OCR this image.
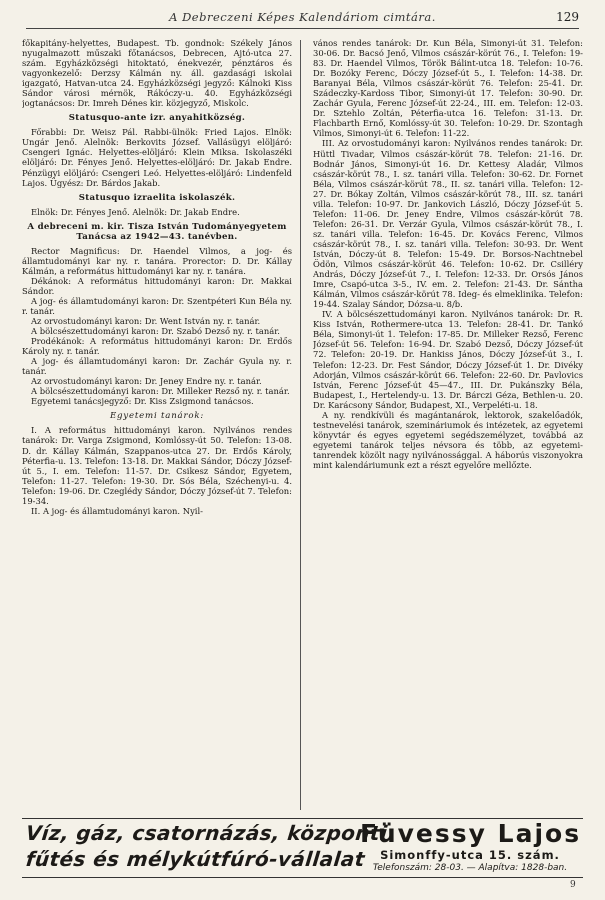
A Debreczeni Képes Kalendáriom cimtára.	129

főkapitány-helyettes, Budapest. Tb. gondnok: Székely János nyugalmazott műszaki főtanácsos, Debrecen, Ajtó-utca 27. szám. Egyházközségi hitoktató, énekvezér, pénztáros és vagyonkezelő: Derzsy Kálmán ny. áll. gazdasági iskolai igazgató, Hatvan-utca 24. Egyházközségi jegyző: Kálnoki Kiss Sándor városi mérnök, Rákóczy-u. 40. Egyházközségi jogtanácsos: Dr. Imreh Dénes kir. közjegyző, Miskolc.

Statusquo-ante izr. anyahitközség.

Főrabbi: Dr. Weisz Pál. Rabbi-ülnök: Fried Lajos. Elnök: Ungár Jenő. Alelnök: Berkovits József. Vallásügyi elöljáró: Csengeri Ignác. Helyettes-elöljáró: Klein Miksa. Iskolaszéki elöljáró: Dr. Fényes Jenő. Helyettes-elöljáró: Dr. Jakab Endre. Pénzügyi elöljáró: Csengeri Leó. Helyettes-elöljáró: Lindenfeld Lajos. Ügyész: Dr. Bárdos Jakab.

Statusquo izraelita iskolaszék.

Elnök: Dr. Fényes Jenő. Alelnök: Dr. Jakab Endre.

A debreceni m. kir. Tisza István Tudományegyetem Tanácsa az 1942—43. tanévben.

Rector Magnificus: Dr. Haendel Vilmos, a jog- és államtudományi kar ny. r. tanára. Prorector: D. Dr. Kállay Kálmán, a református hittudományi kar ny. r. tanára.

Dékánok: A református hittudományi karon: Dr. Makkai Sándor.

A jog- és államtudományi karon: Dr. Szentpéteri Kun Béla ny. r. tanár.

Az orvostudományi karon: Dr. Went István ny. r. tanár.

A bölcsészettudományi karon: Dr. Szabó Dezső ny. r. tanár.

Prodékánok: A református hittudományi karon: Dr. Erdős Károly ny. r. tanár.

A jog- és államtudományi karon: Dr. Zachár Gyula ny. r. tanár.

Az orvostudományi karon: Dr. Jeney Endre ny. r. tanár.

A bölcsészettudományi karon: Dr. Milleker Rezső ny. r. tanár.

Egyetemi tanácsjegyző: Dr. Kiss Zsigmond tanácsos.

Egyetemi tanárok:

I. A református hittudományi karon. Nyilvános rendes tanárok: Dr. Varga Zsigmond, Komlóssy-út 50. Telefon: 13-08. D. dr. Kállay Kálmán, Szappanos-utca 27. Dr. Erdős Károly, Péterfia-u. 13. Telefon: 13-18. Dr. Makkai Sándor, Dóczy József-út 5., I. em. Telefon: 11-57. Dr. Csikesz Sándor, Egyetem, Telefon: 11-27. Telefon: 19-30. Dr. Sós Béla, Széchenyi-u. 4. Telefon: 19-06. Dr. Czeglédy Sándor, Dóczy József-út 7. Telefon: 19-34.

II. A jog- és államtudományi karon. Nyil-

vános rendes tanárok: Dr. Kun Béla, Simonyi-út 31. Telefon: 30-06. Dr. Bacsó Jenő, Vilmos császár-körút 76., I. Telefon: 19-83. Dr. Haendel Vilmos, Török Bálint-utca 18. Telefon: 10-76. Dr. Bozóky Ferenc, Dóczy József-út 5., I. Telefon: 14-38. Dr. Baranyai Béla, Vilmos császár-körút 76. Telefon: 25-41. Dr. Szádeczky-Kardoss Tibor, Simonyi-út 17. Telefon: 30-90. Dr. Zachár Gyula, Ferenc József-út 22-24., III. em. Telefon: 12-03. Dr. Sztehlo Zoltán, Péterfia-utca 16. Telefon: 31-13. Dr. Flachbarth Ernő, Komlóssy-út 30. Telefon: 10-29. Dr. Szontagh Vilmos, Simonyi-út 6. Telefon: 11-22.

III. Az orvostudományi karon: Nyilvános rendes tanárok: Dr. Hüttl Tivadar, Vilmos császár-körút 78. Telefon: 21-16. Dr. Bodnár János, Simonyi-út 16. Dr. Kettesy Aladár, Vilmos császár-körút 78., I. sz. tanári villa. Telefon: 30-62. Dr. Fornet Béla, Vilmos császár-körút 78., II. sz. tanári villa. Telefon: 12-27. Dr. Bókay Zoltán, Vilmos császár-körút 78., III. sz. tanári villa. Telefon: 10-97. Dr. Jankovich László, Dóczy József-út 5. Telefon: 11-06. Dr. Jeney Endre, Vilmos császár-körút 78. Telefon: 26-31. Dr. Verzár Gyula, Vilmos császár-körút 78., I. sz. tanári villa. Telefon: 16-45. Dr. Kovács Ferenc, Vilmos császár-körút 78., I. sz. tanári villa. Telefon: 30-93. Dr. Went István, Dóczy-út 8. Telefon: 15-49. Dr. Borsos-Nachtnebel Ödön, Vilmos császár-körút 46. Telefon: 10-62. Dr. Csilléry András, Dóczy József-út 7., I. Telefon: 12-33. Dr. Orsós János Imre, Csapó-utca 3-5., IV. em. 2. Telefon: 21-43. Dr. Sántha Kálmán, Vilmos császár-körút 78. Ideg- és elmeklinika. Telefon: 19-44. Szalay Sándor, Dózsa-u. 8/b.

IV. A bölcsészettudományi karon. Nyilvános tanárok: Dr. R. Kiss István, Rothermere-utca 13. Telefon: 28-41. Dr. Tankó Béla, Simonyi-út 1. Telefon: 17-85. Dr. Milleker Rezső, Ferenc József-út 56. Telefon: 16-94. Dr. Szabó Dezső, Dóczy József-út 72. Telefon: 20-19. Dr. Hankiss János, Dóczy József-út 3., I. Telefon: 12-23. Dr. Fest Sándor, Dóczy József-út 1. Dr. Divéky Adorján, Vilmos császár-körút 66. Telefon: 22-60. Dr. Pavlovics István, Ferenc József-út 45—47., III. Dr. Pukánszky Béla, Budapest, I., Hertelendy-u. 13. Dr. Bárczi Géza, Bethlen-u. 20. Dr. Karácsony Sándor, Budapest, XI., Verpeléti-u. 18.

A ny. rendkívüli és magántanárok, lektorok, szakelőadók, testnevelési tanárok, szemináriumok és intézetek, az egyetemi könyvtár és egyes egyetemi segédszemélyzet, továbbá az egyetemi tanárok teljes névsora és több, az egyetemi-tanrendek közölt nagy nyilvánossággal. A háborús viszonyokra mint kalendáriumunk ezt a részt egyelőre mellőzte.

Víz, gáz, csatornázás, központi
fűtés és mélykútfúró-vállalat
Füvessy Lajos
Simonffy-utca 15. szám.
Telefonszám: 28-03. — Alapítva: 1828-ban.
9
